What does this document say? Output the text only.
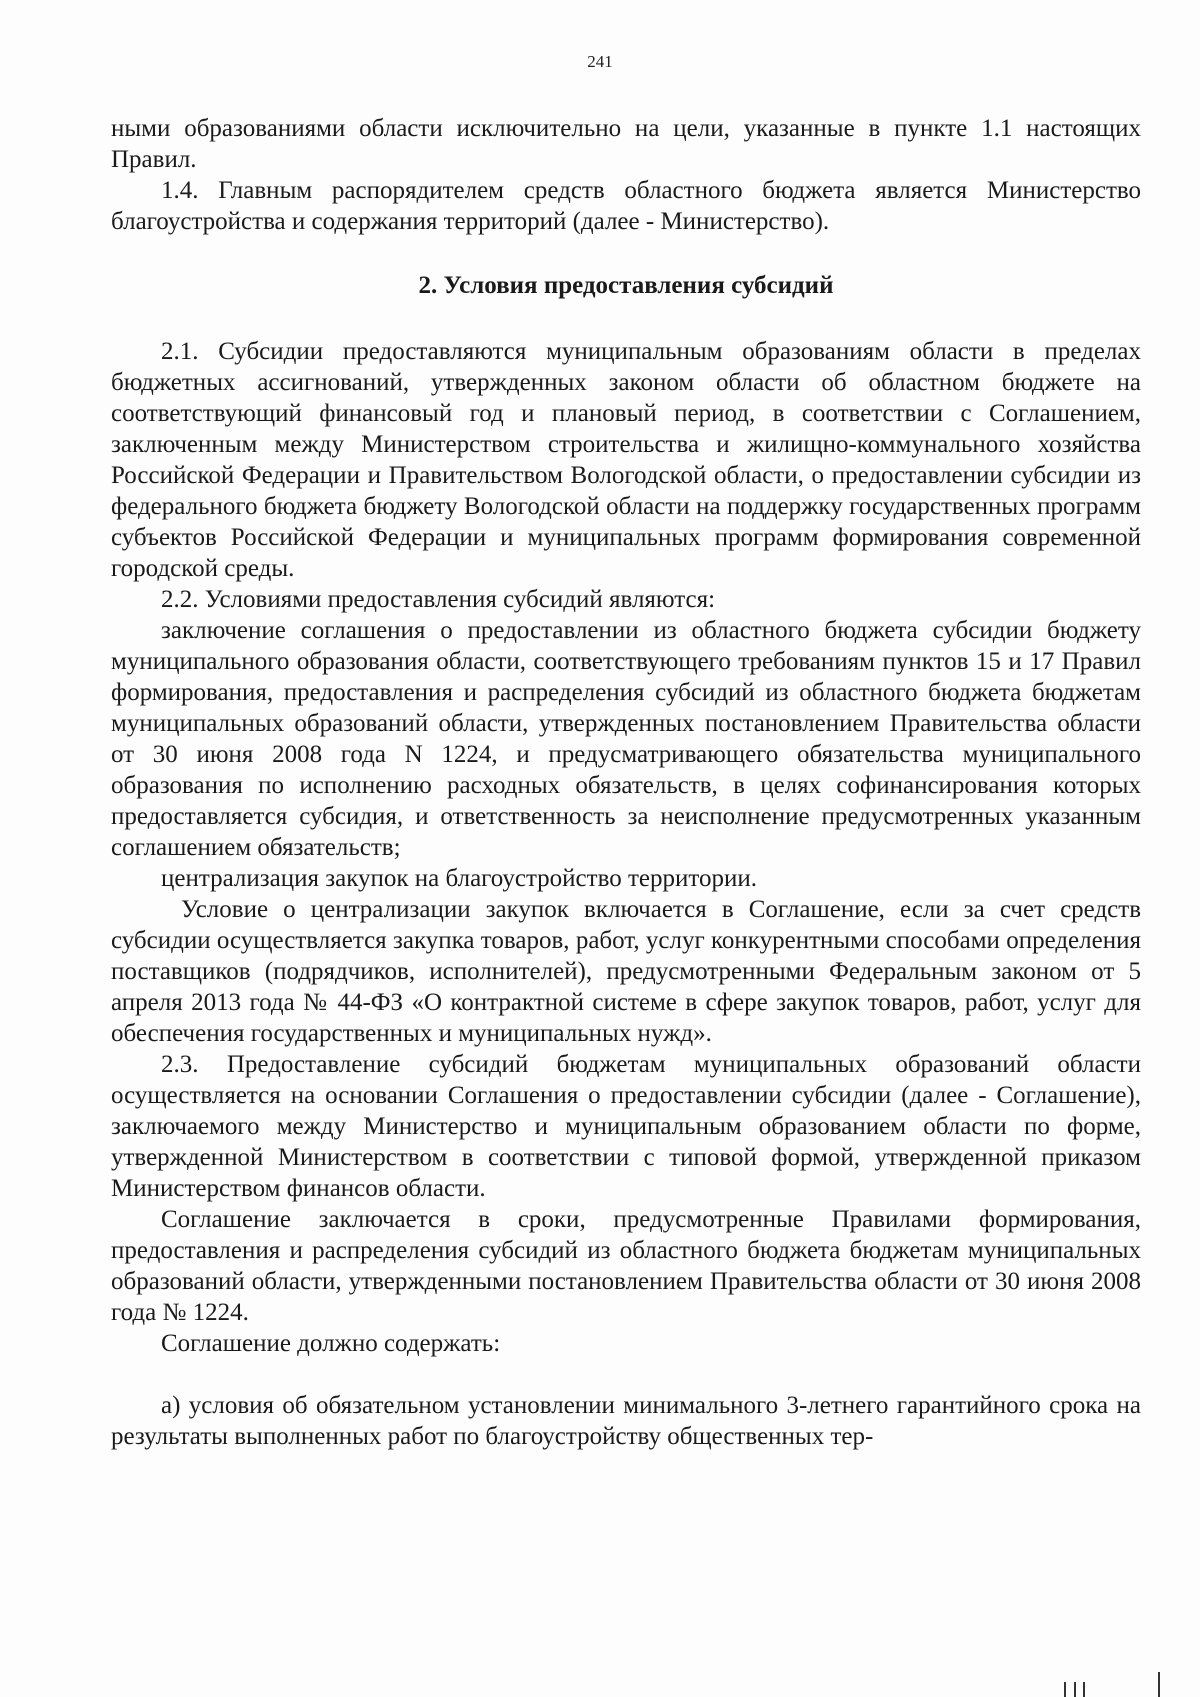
241

ными образованиями области исключительно на цели, указанные в пункте 1.1 настоящих Правил.

1.4. Главным распорядителем средств областного бюджета является Министерство благоустройства и содержания территорий (далее - Министерство).

2. Условия предоставления субсидий

2.1. Субсидии предоставляются муниципальным образованиям области в пределах бюджетных ассигнований, утвержденных законом области об областном бюджете на соответствующий финансовый год и плановый период, в соответствии с Соглашением, заключенным между Министерством строительства и жилищно-коммунального хозяйства Российской Федерации и Правительством Вологодской области, о предоставлении субсидии из федерального бюджета бюджету Вологодской области на поддержку государственных программ субъектов Российской Федерации и муниципальных программ формирования современной городской среды.

2.2. Условиями предоставления субсидий являются:

заключение соглашения о предоставлении из областного бюджета субсидии бюджету муниципального образования области, соответствующего требованиям пунктов 15 и 17 Правил формирования, предоставления и распределения субсидий из областного бюджета бюджетам муниципальных образований области, утвержденных постановлением Правительства области от 30 июня 2008 года N 1224, и предусматривающего обязательства муниципального образования по исполнению расходных обязательств, в целях софинансирования которых предоставляется субсидия, и ответственность за неисполнение предусмотренных указанным соглашением обязательств;

централизация закупок на благоустройство территории.

Условие о централизации закупок включается в Соглашение, если за счет средств субсидии осуществляется закупка товаров, работ, услуг конкурентными способами определения поставщиков (подрядчиков, исполнителей), предусмотренными Федеральным законом от 5 апреля 2013 года № 44-ФЗ «О контрактной системе в сфере закупок товаров, работ, услуг для обеспечения государственных и муниципальных нужд».

2.3. Предоставление субсидий бюджетам муниципальных образований области осуществляется на основании Соглашения о предоставлении субсидии (далее - Соглашение), заключаемого между Министерство и муниципальным образованием области по форме, утвержденной Министерством в соответствии с типовой формой, утвержденной приказом Министерством финансов области.

Соглашение заключается в сроки, предусмотренные Правилами формирования, предоставления и распределения субсидий из областного бюджета бюджетам муниципальных образований области, утвержденными постановлением Правительства области от 30 июня 2008 года № 1224.

Соглашение должно содержать:

а) условия об обязательном установлении минимального 3-летнего гарантийного срока на результаты выполненных работ по благоустройству общественных тер-
